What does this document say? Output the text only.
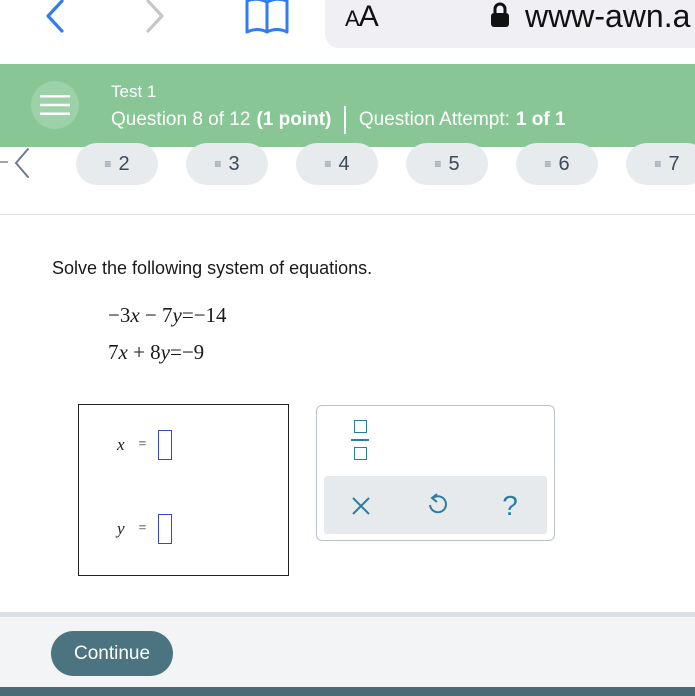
AA	www-awn.a
Test 1
Question 8 of 12 (1 point) Question Attempt: 1 of 1
≡ 2	≡ 3	≡ 4	≡ 5	≡ 6	≡ 7
Solve the following system of equations.
−3x − 7y=−14
7x + 8y=−9
x =
y =
?
Continue
